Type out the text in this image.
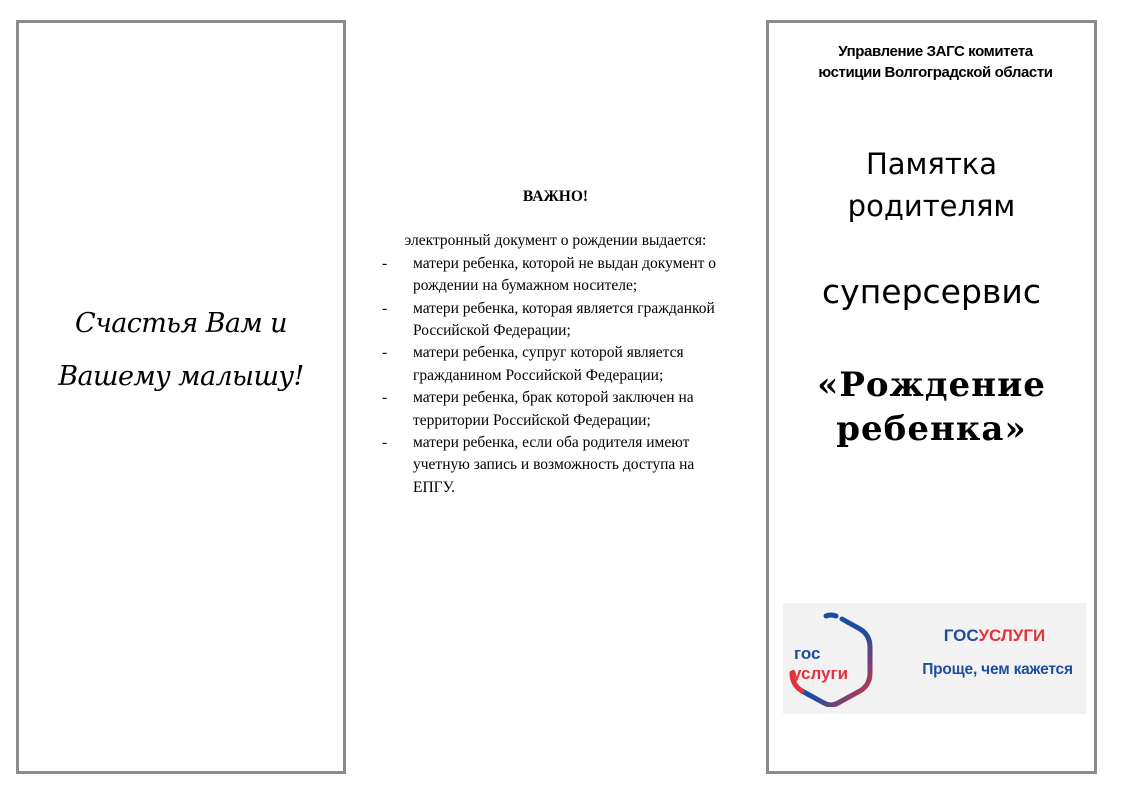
Счастья Вам и
Вашему малышу!
ВАЖНО!
электронный документ о рождении выдается:
- матери ребенка, которой не выдан документ о рождении на бумажном носителе;
- матери ребенка, которая является гражданкой Российской Федерации;
- матери ребенка, супруг которой является гражданином Российской Федерации;
- матери ребенка, брак которой заключен на территории Российской Федерации;
- матери ребенка, если оба родителя имеют учетную запись и возможность доступа на ЕПГУ.
Управление ЗАГС комитета
юстиции Волгоградской области
Памятка
родителям
суперсервис
«Рождение
ребенка»
гос
услуги
ГОСУСЛУГИ
Проще, чем кажется
